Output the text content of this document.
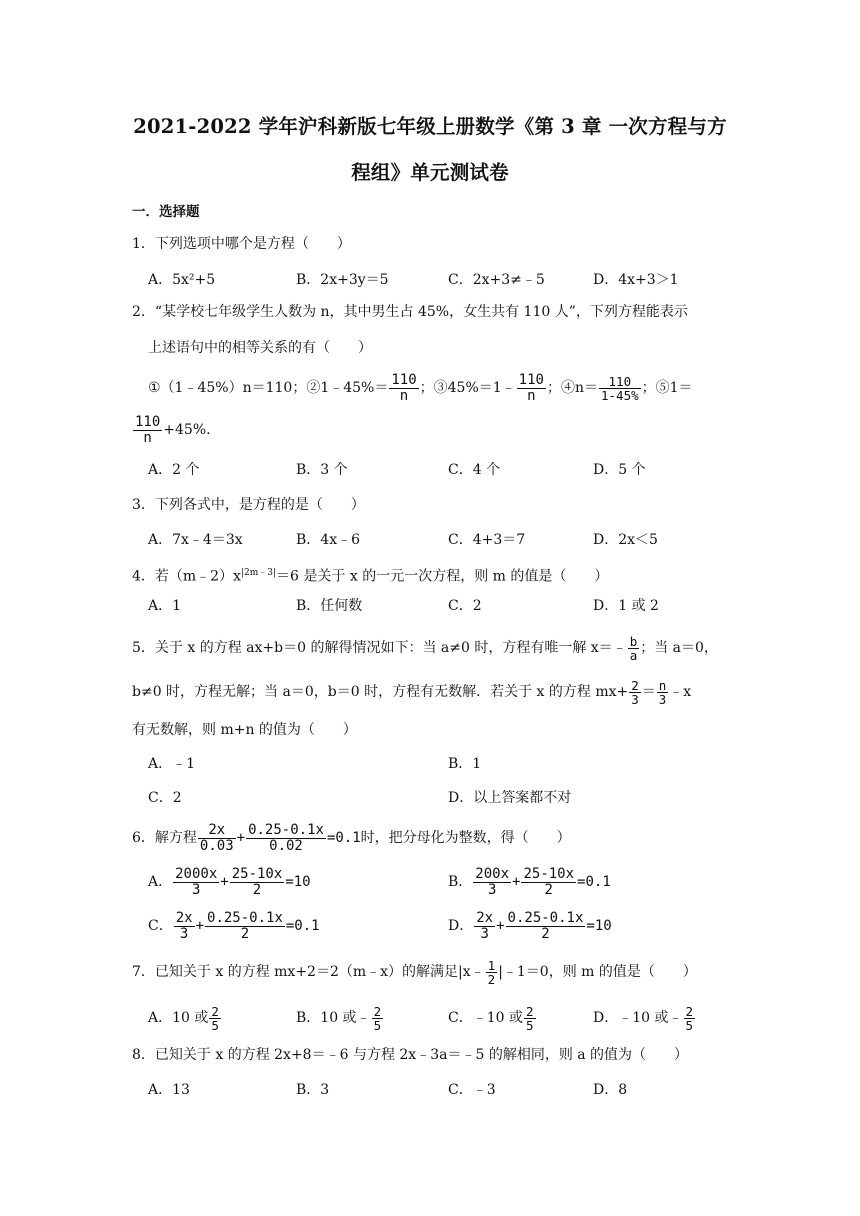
2021-2022 学年沪科新版七年级上册数学《第 3 章 一次方程与方
程组》单元测试卷
一．选择题
1．下列选项中哪个是方程（　　）
A．5x²+5	B．2x+3y＝5	C．2x+3≠﹣5	D．4x+3＞1
2．“某学校七年级学生人数为 n，其中男生占 45%，女生共有 110 人”，下列方程能表示
上述语句中的相等关系的有（　　）
①（1﹣45%）n＝110；②1﹣45%＝ $\frac{110}{n}$ ；③45%＝1﹣ $\frac{110}{n}$ ；④n＝ $\frac{110}{1-45\%}$ ；⑤1＝
$\frac{110}{n} +45\%$.
A．2 个	B．3 个	C．4 个	D．5 个
3．下列各式中，是方程的是（　　）
A．7x﹣4＝3x	B．4x﹣6	C．4+3＝7	D．2x＜5
4．若$(m﹣2)x^{|2m﹣3|}=6$ 是关于 x 的一元一次方程，则 m 的值是（　　）
A．1	B．任何数	C．2	D．1 或 2
5．关于 x 的方程 ax+b＝0 的解得情况如下：当 a≠0 时，方程有唯一解 x＝﹣ $\frac{b}{a}$ ；当 a＝0，
b≠0 时，方程无解；当 a＝0，b＝0 时，方程有无数解．若关于 x 的方程 $mx+ \frac{2}{3} = \frac{n}{3}$ ﹣x
有无数解，则 m+n 的值为（　　）
A．﹣1	B．1
C．2	D．以上答案都不对
6．解方程 $\frac{2x}{0.03} + \frac{0.25-0.1x}{0.02} =0.1$时，把分母化为整数，得（　　）
A． $\frac{2000x}{3} + \frac{25-10x}{2} =10$	B． $\frac{200x}{3} + \frac{25-10x}{2} =0.1$
C． $\frac{2x}{3} + \frac{0.25-0.1x}{2} =0.1$	D． $\frac{2x}{3} + \frac{0.25-0.1x}{2} =10$
7．已知关于 x 的方程 mx+2＝2（m﹣x）的解满足|x﹣ $\frac{1}{2}$ |﹣1＝0，则 m 的值是（　　）
A．10 或 $\frac{2}{5}$	B．10 或﹣ $\frac{2}{5}$	C．﹣10 或 $\frac{2}{5}$	D．﹣10 或﹣ $\frac{2}{5}$
8．已知关于 x 的方程 2x+8＝﹣6 与方程 2x﹣3a＝﹣5 的解相同，则 a 的值为（　　）
A．13	B．3	C．﹣3	D．8
